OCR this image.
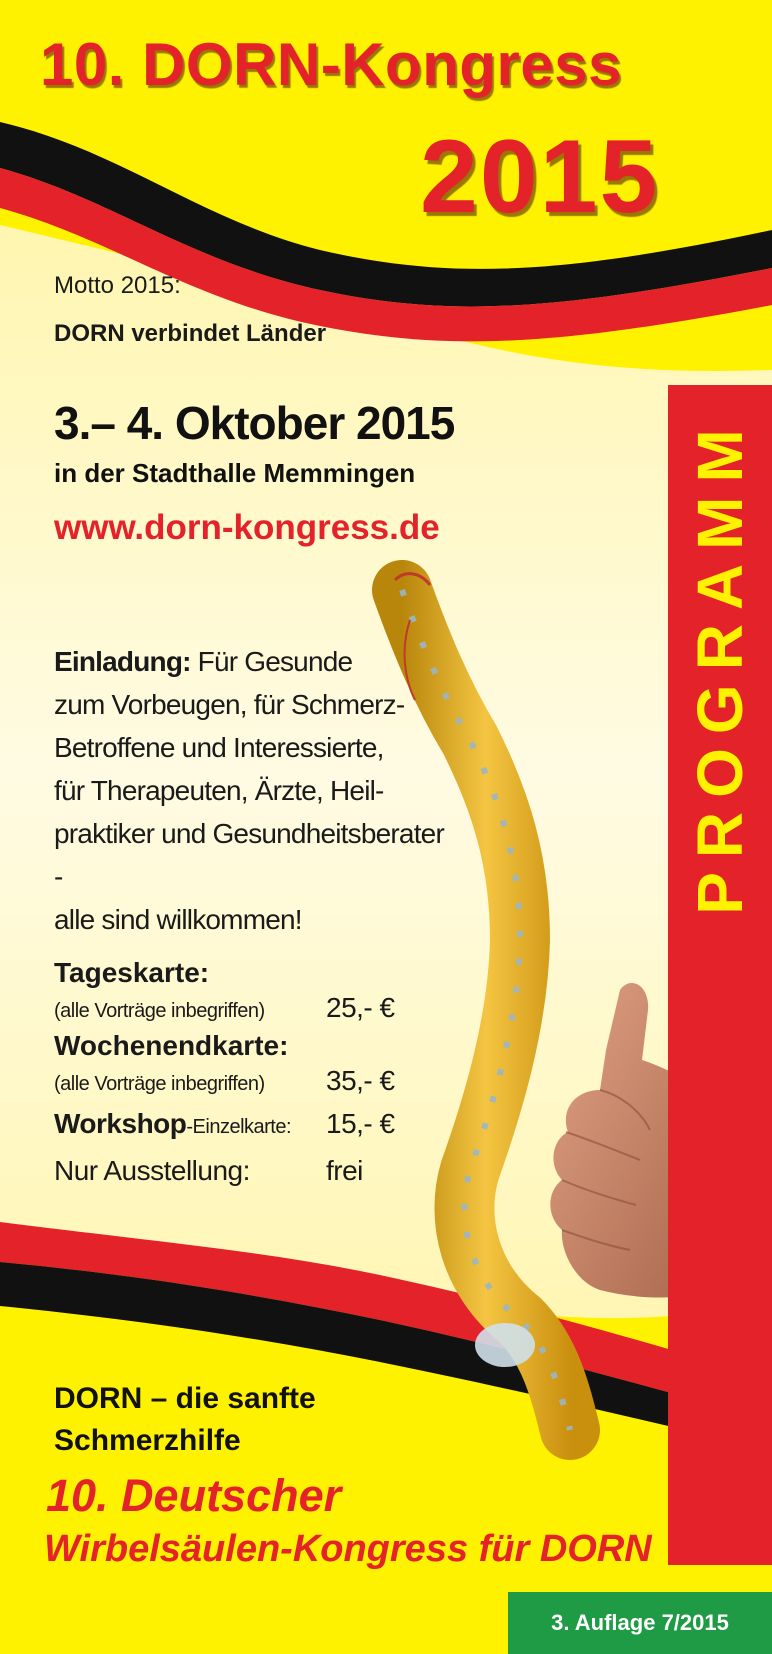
10. DORN-Kongress
2015
Motto 2015:
DORN verbindet Länder
3.– 4. Oktober 2015
in der Stadthalle Memmingen
www.dorn-kongress.de
Einladung: Für Gesunde
zum Vorbeugen, für Schmerz-
Betroffene und Interessierte,
für Therapeuten, Ärzte, Heil-
praktiker und Gesundheitsberater -
alle sind willkommen!
Tageskarte:
(alle Vorträge inbegriffen)	25,- €
Wochenendkarte:
(alle Vorträge inbegriffen)	35,- €
Workshop-Einzelkarte:	15,- €
Nur Ausstellung:	frei
PROGRAMM
DORN – die sanfte
Schmerzhilfe
10. Deutscher
Wirbelsäulen-Kongress für DORN
3. Auflage 7/2015
